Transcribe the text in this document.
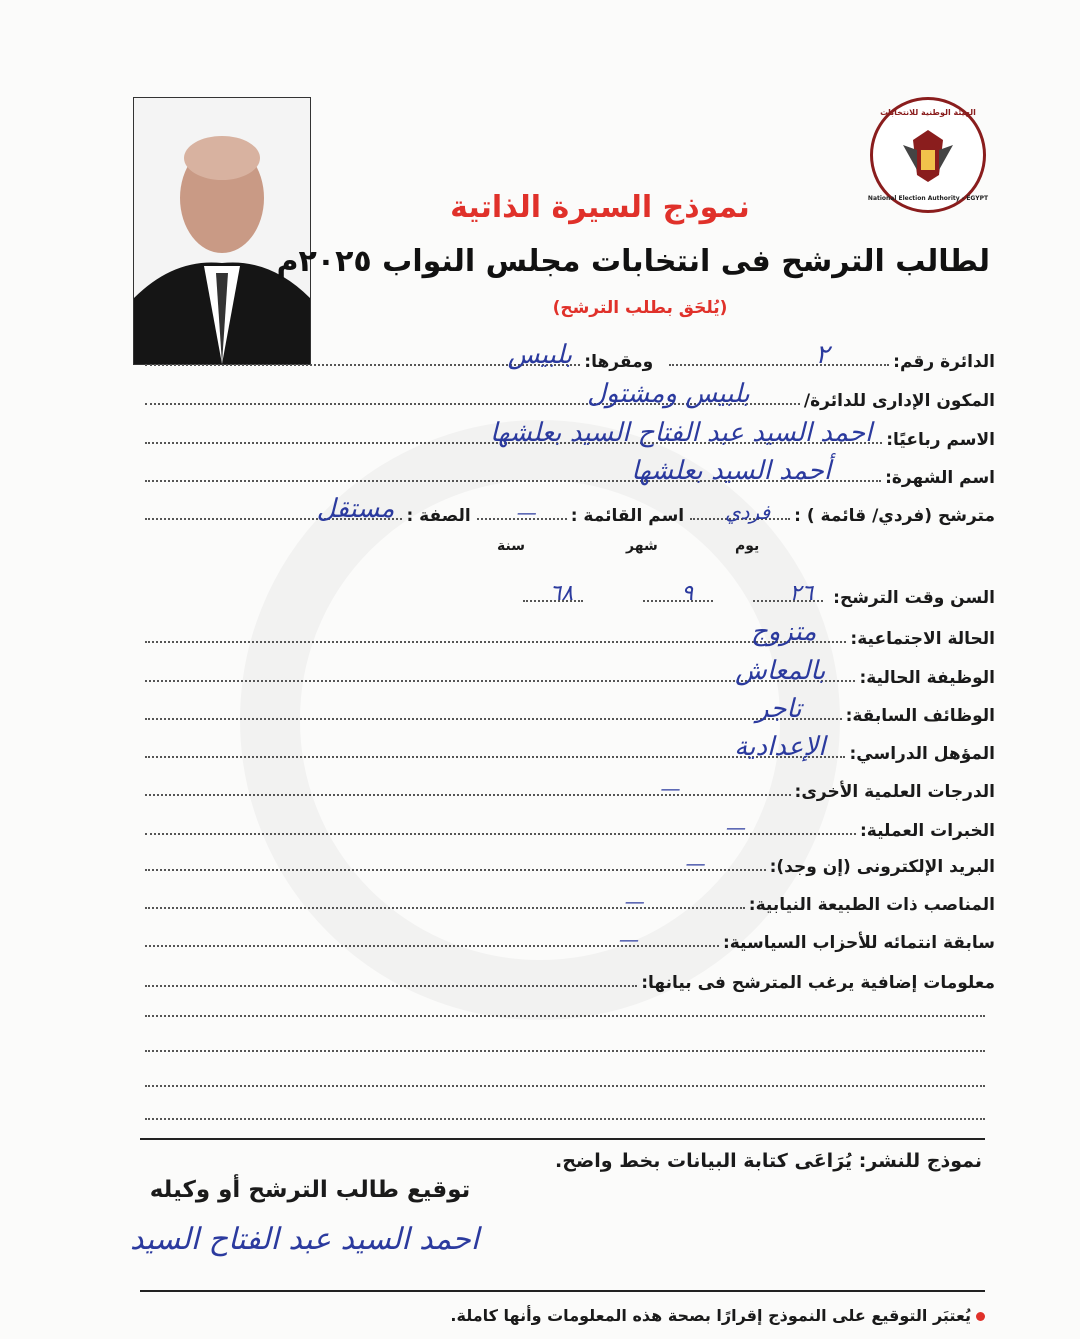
الهيئة الوطنية للانتخابات
National Election Authority - EGYPT
نموذج السيرة الذاتية
لطالب الترشح فى انتخابات مجلس النواب ٢٠٢٥م
(يُلحَق بطلب الترشح)
الدائرة رقم:
٢
ومقرها:
بلبيس
المكون الإدارى للدائرة/
بلبيس ومشتول
الاسم رباعيًا:
احمد السيد عبد الفتاح السيد بعلشها
اسم الشهرة:
أحمد السيد بعلشها
مترشح (فردي/ قائمة ) :
فردي
اسم القائمة :
—
الصفة :
مستقل
يوم
شهر
سنة
السن وقت الترشح:
٢٦
٩
٦٨
الحالة الاجتماعية:
متزوج
الوظيفة الحالية:
بالمعاش
الوظائف السابقة:
تاجر
المؤهل الدراسي:
الإعدادية
الدرجات العلمية الأخرى:
—
الخبرات العملية:
—
البريد الإلكترونى (إن وجد):
—
المناصب ذات الطبيعة النيابية:
—
سابقة انتمائه للأحزاب السياسية:
—
معلومات إضافية يرغب المترشح فى بيانها:
نموذج للنشر: يُرَاعَى كتابة البيانات بخط واضح.
توقيع طالب الترشح أو وكيله
احمد السيد عبد الفتاح السيد
يُعتبَر التوقيع على النموذج إقرارًا بصحة هذه المعلومات وأنها كاملة.
